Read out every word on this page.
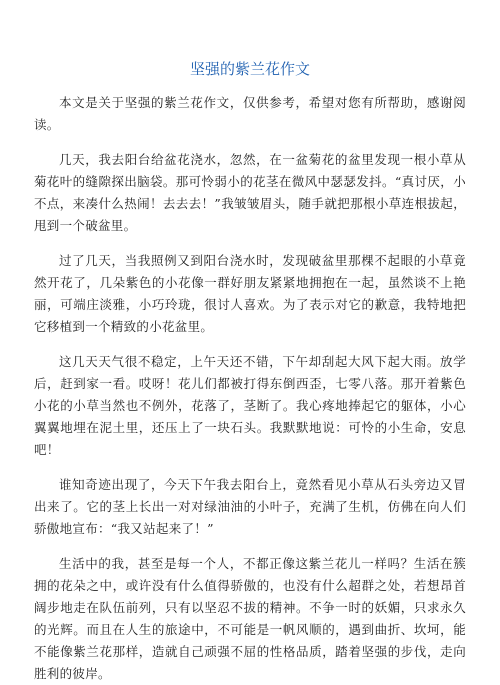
坚强的紫兰花作文

本文是关于坚强的紫兰花作文，仅供参考，希望对您有所帮助，感谢阅读。

几天，我去阳台给盆花浇水，忽然，在一盆菊花的盆里发现一根小草从菊花叶的缝隙探出脑袋。那可怜弱小的花茎在微风中瑟瑟发抖。“真讨厌，小不点，来凑什么热闹！去去去！”我皱皱眉头，随手就把那根小草连根拔起，甩到一个破盆里。

过了几天，当我照例又到阳台浇水时，发现破盆里那棵不起眼的小草竟然开花了，几朵紫色的小花像一群好朋友紧紧地拥抱在一起，虽然谈不上艳丽，可端庄淡雅，小巧玲珑，很讨人喜欢。为了表示对它的歉意，我特地把它移植到一个精致的小花盆里。

这几天天气很不稳定，上午天还不错，下午却刮起大风下起大雨。放学后，赶到家一看。哎呀！花儿们都被打得东倒西歪，七零八落。那开着紫色小花的小草当然也不例外，花落了，茎断了。我心疼地捧起它的躯体，小心翼翼地埋在泥土里，还压上了一块石头。我默默地说：可怜的小生命，安息吧！

谁知奇迹出现了，今天下午我去阳台上，竟然看见小草从石头旁边又冒出来了。它的茎上长出一对对绿油油的小叶子，充满了生机，仿佛在向人们骄傲地宣布：“我又站起来了！”

生活中的我，甚至是每一个人，不都正像这紫兰花儿一样吗？生活在簇拥的花朵之中，或许没有什么值得骄傲的，也没有什么超群之处，若想昂首阔步地走在队伍前列，只有以坚忍不拔的精神。不争一时的妖媚，只求永久的光辉。而且在人生的旅途中，不可能是一帆风顺的，遇到曲折、坎坷，能不能像紫兰花那样，造就自己顽强不屈的性格品质，踏着坚强的步伐，走向胜利的彼岸。
